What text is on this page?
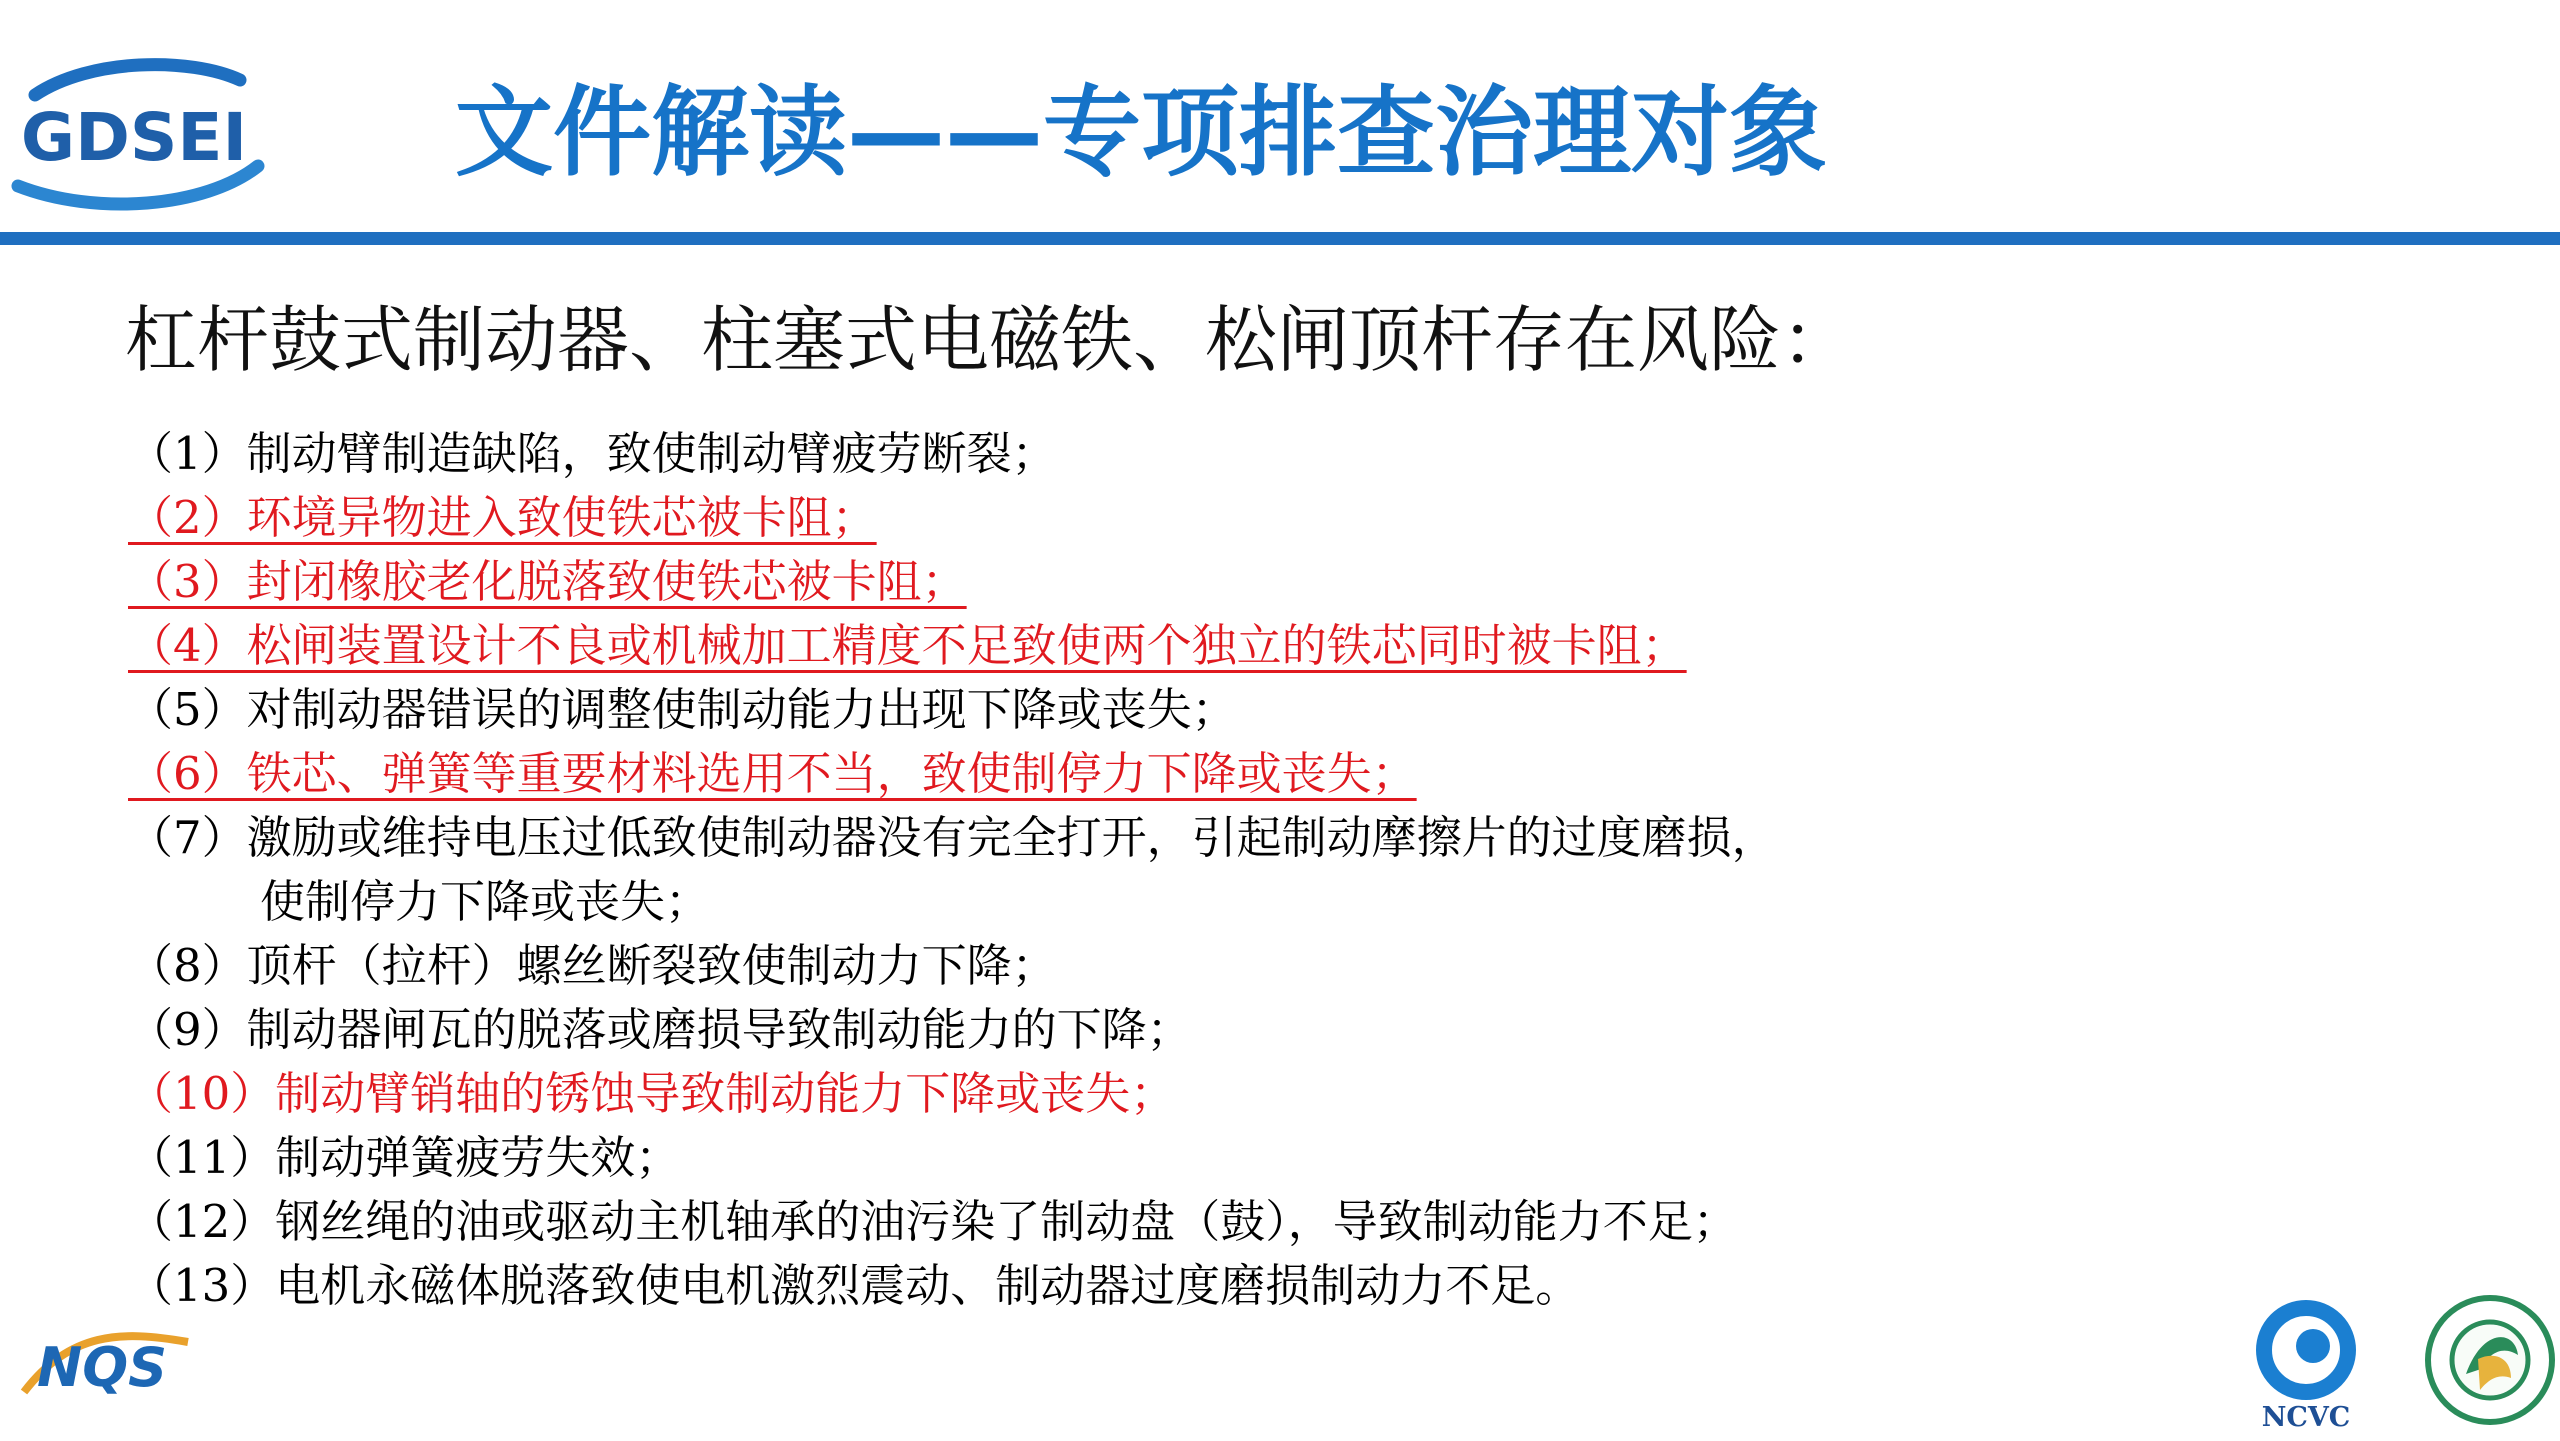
GDSEI 文件解读——专项排查治理对象
杠杆鼓式制动器、柱塞式电磁铁、松闸顶杆存在风险：
（1）制动臂制造缺陷，致使制动臂疲劳断裂；
（2）环境异物进入致使铁芯被卡阻；
（3）封闭橡胶老化脱落致使铁芯被卡阻；
（4）松闸装置设计不良或机械加工精度不足致使两个独立的铁芯同时被卡阻；
（5）对制动器错误的调整使制动能力出现下降或丧失；
（6）铁芯、弹簧等重要材料选用不当，致使制停力下降或丧失；
（7）激励或维持电压过低致使制动器没有完全打开，引起制动摩擦片的过度磨损，
使制停力下降或丧失；
（8）顶杆（拉杆）螺丝断裂致使制动力下降；
（9）制动器闸瓦的脱落或磨损导致制动能力的下降；
（10）制动臂销轴的锈蚀导致制动能力下降或丧失；
（11）制动弹簧疲劳失效；
（12）钢丝绳的油或驱动主机轴承的油污染了制动盘（鼓），导致制动能力不足；
（13）电机永磁体脱落致使电机激烈震动、制动器过度磨损制动力不足。
NQS
NCVC
